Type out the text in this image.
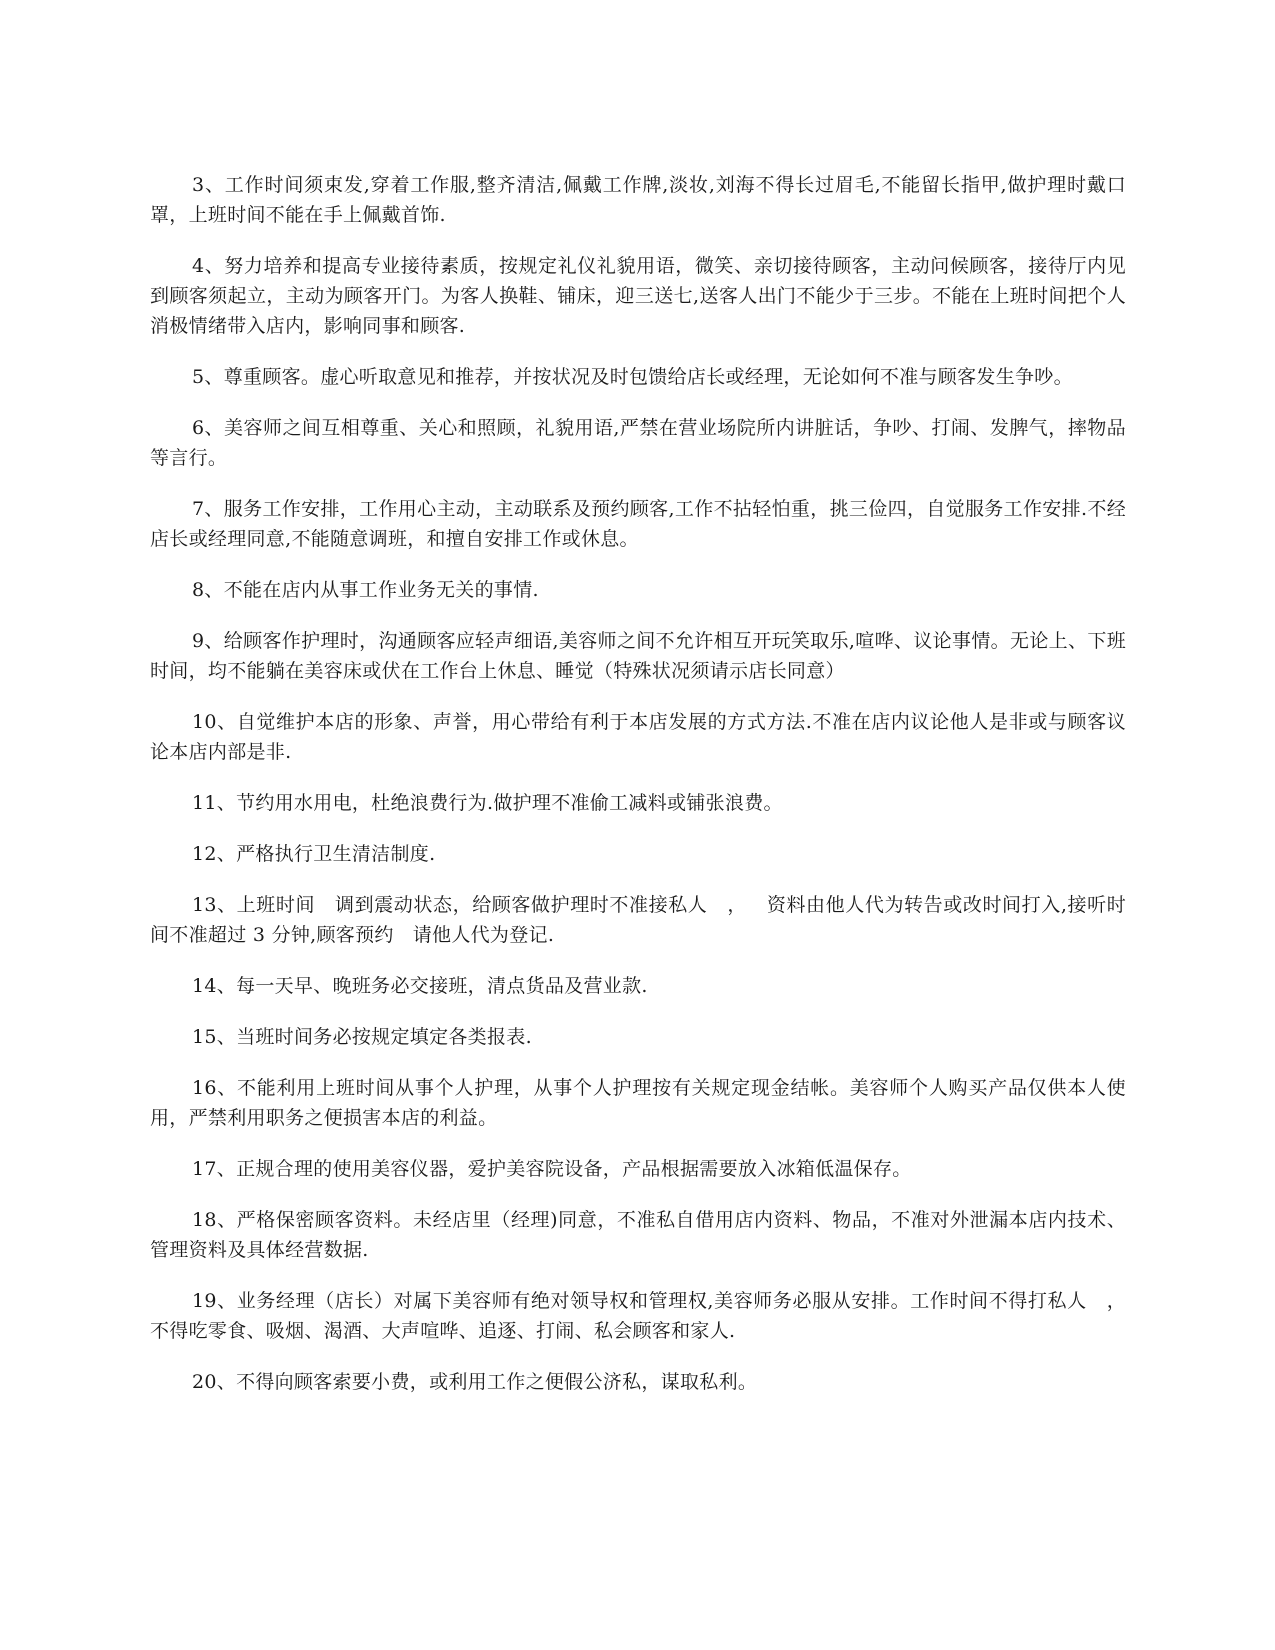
3、工作时间须束发,穿着工作服,整齐清洁,佩戴工作牌,淡妆,刘海不得长过眉毛,不能留长指甲,做护理时戴口罩，上班时间不能在手上佩戴首饰.

4、努力培养和提高专业接待素质，按规定礼仪礼貌用语，微笑、亲切接待顾客，主动问候顾客，接待厅内见到顾客须起立，主动为顾客开门。为客人换鞋、铺床，迎三送七,送客人出门不能少于三步。不能在上班时间把个人消极情绪带入店内，影响同事和顾客.

5、尊重顾客。虚心听取意见和推荐，并按状况及时包馈给店长或经理，无论如何不准与顾客发生争吵。

6、美容师之间互相尊重、关心和照顾，礼貌用语,严禁在营业场院所内讲脏话，争吵、打闹、发脾气，摔物品等言行。

7、服务工作安排，工作用心主动，主动联系及预约顾客,工作不拈轻怕重，挑三俭四，自觉服务工作安排.不经店长或经理同意,不能随意调班，和擅自安排工作或休息。

8、不能在店内从事工作业务无关的事情.

9、给顾客作护理时，沟通顾客应轻声细语,美容师之间不允许相互开玩笑取乐,喧哗、议论事情。无论上、下班时间，均不能躺在美容床或伏在工作台上休息、睡觉（特殊状况须请示店长同意）

10、自觉维护本店的形象、声誉，用心带给有利于本店发展的方式方法.不准在店内议论他人是非或与顾客议论本店内部是非.

11、节约用水用电，杜绝浪费行为.做护理不准偷工减料或铺张浪费。

12、严格执行卫生清洁制度.

13、上班时间   调到震动状态，给顾客做护理时不准接私人   ，   资料由他人代为转告或改时间打入,接听时间不准超过 3 分钟,顾客预约   请他人代为登记.

14、每一天早、晚班务必交接班，清点货品及营业款.

15、当班时间务必按规定填定各类报表.

16、不能利用上班时间从事个人护理，从事个人护理按有关规定现金结帐。美容师个人购买产品仅供本人使用，严禁利用职务之便损害本店的利益。

17、正规合理的使用美容仪器，爱护美容院设备，产品根据需要放入冰箱低温保存。

18、严格保密顾客资料。未经店里（经理)同意，不准私自借用店内资料、物品，不准对外泄漏本店内技术、管理资料及具体经营数据.

19、业务经理（店长）对属下美容师有绝对领导权和管理权,美容师务必服从安排。工作时间不得打私人   ，不得吃零食、吸烟、渴酒、大声喧哗、追逐、打闹、私会顾客和家人.

20、不得向顾客索要小费，或利用工作之便假公济私，谋取私利。
